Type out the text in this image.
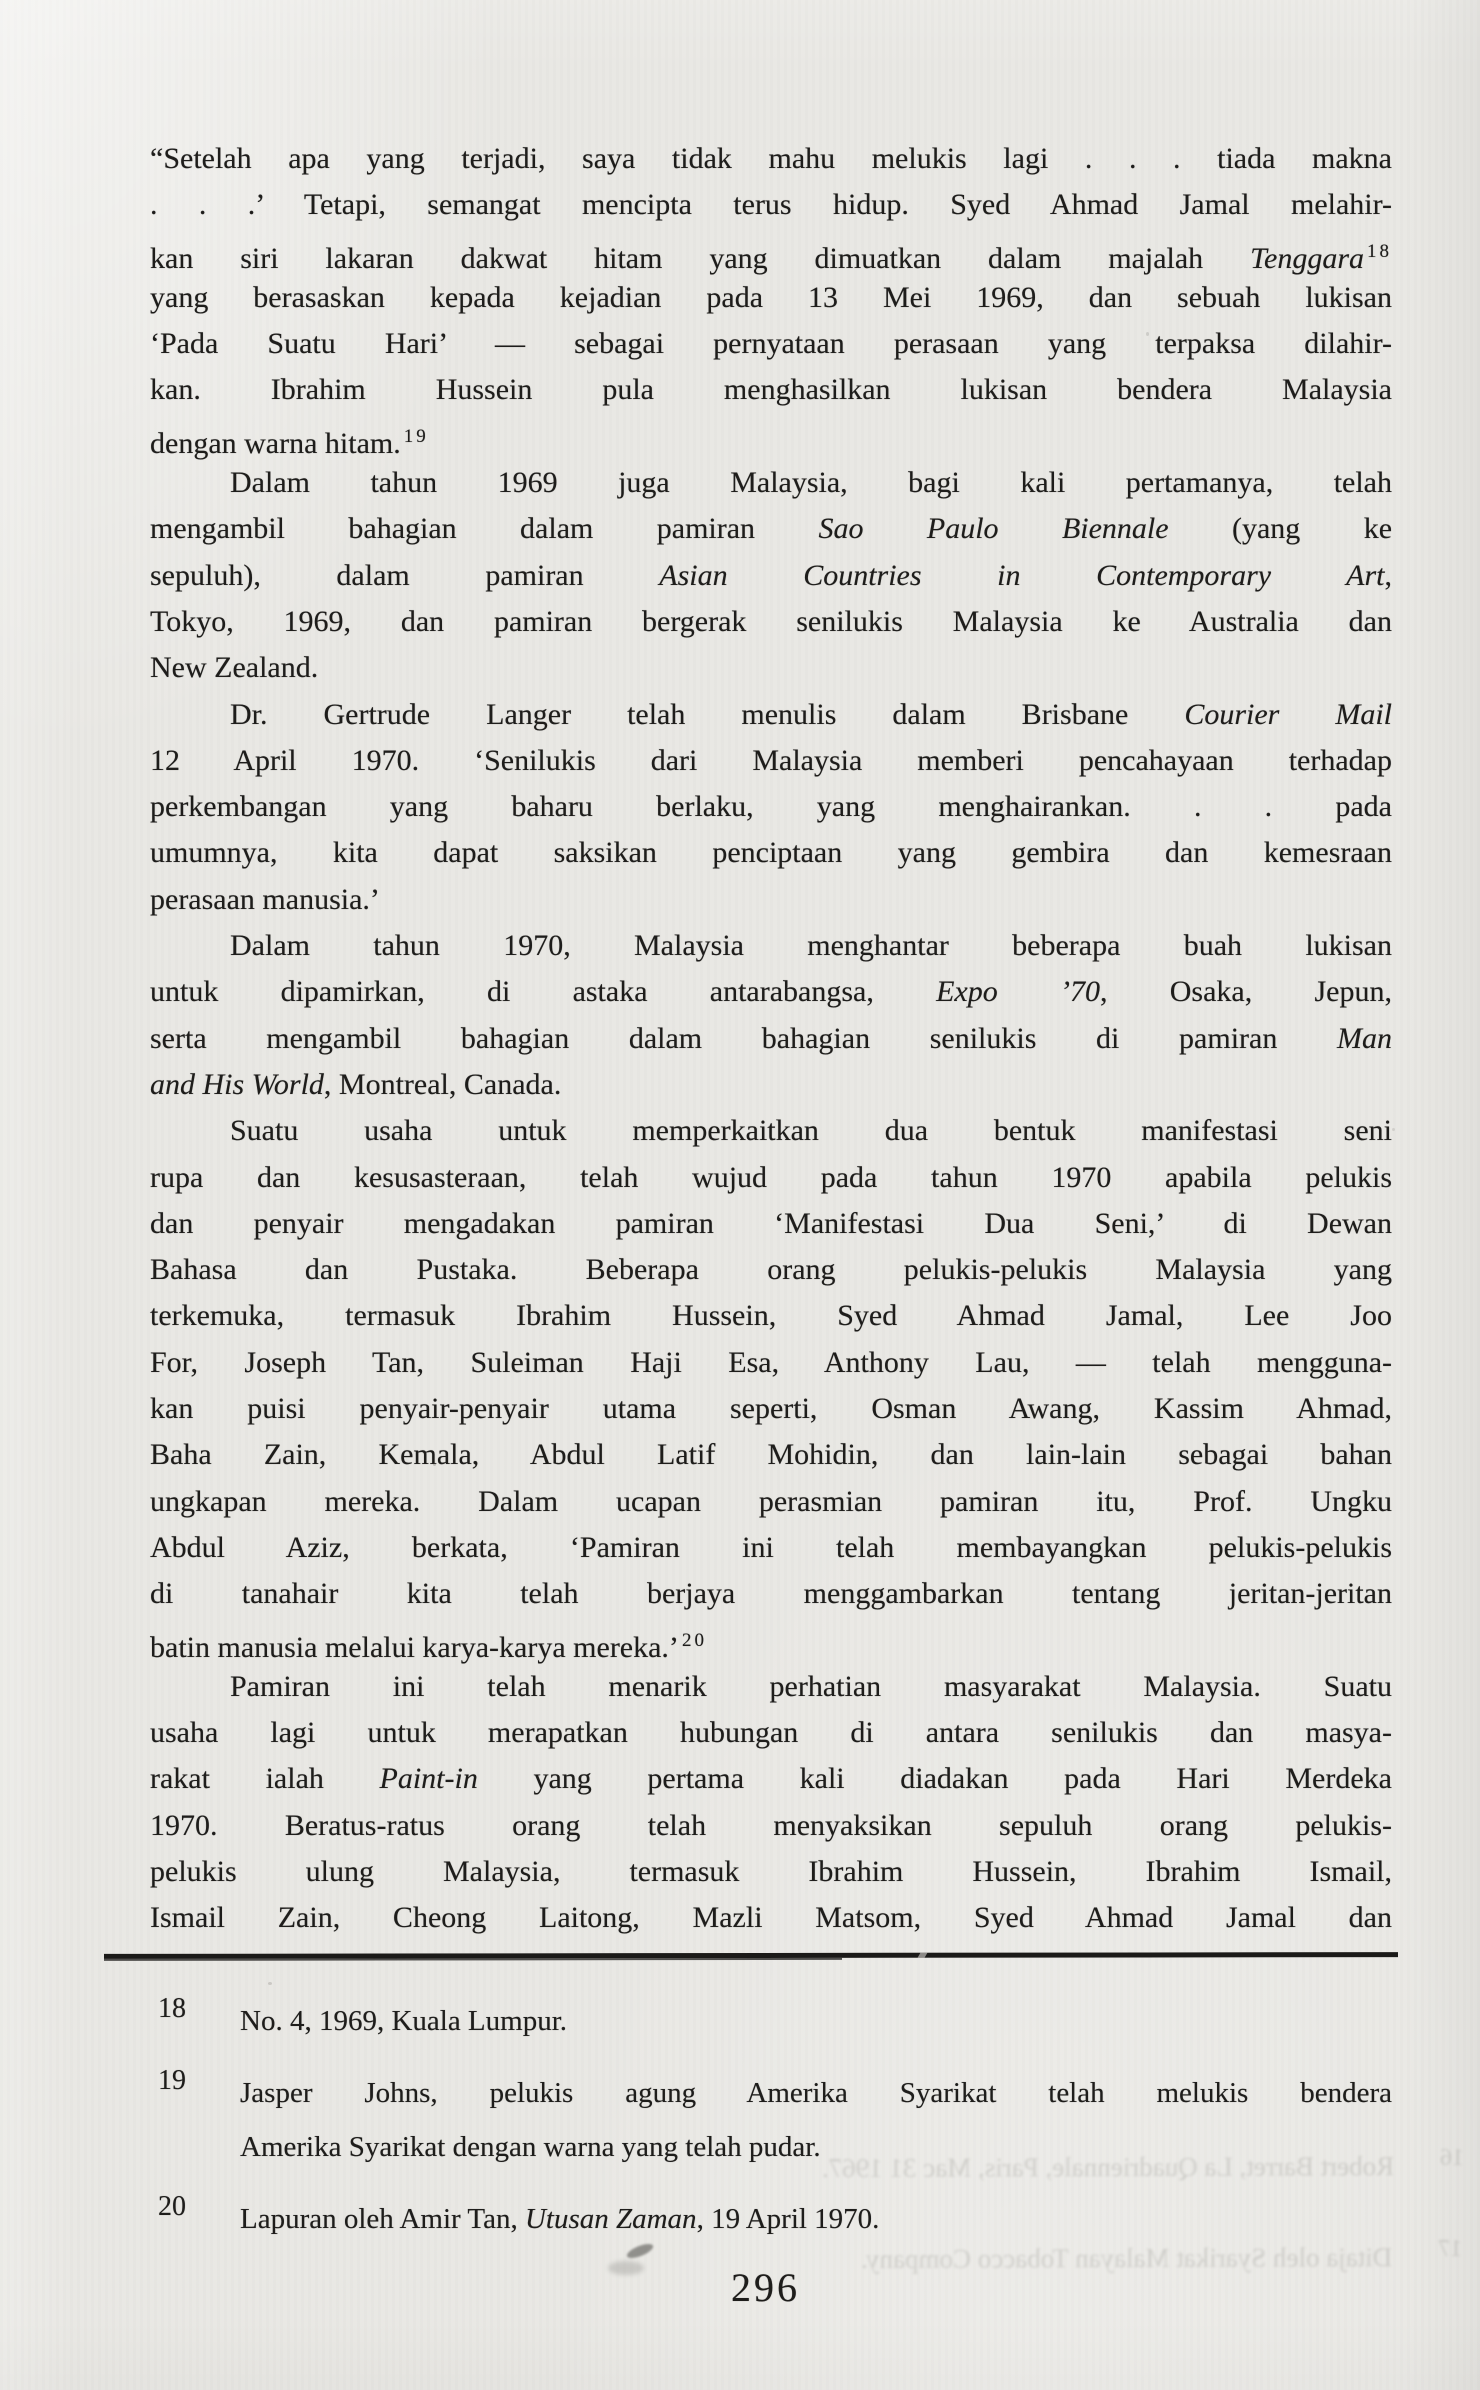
“Setelah apa yang terjadi, saya tidak mahu melukis lagi . . . tiada makna
. . .’ Tetapi, semangat mencipta terus hidup. Syed Ahmad Jamal melahir-
kan siri lakaran dakwat hitam yang dimuatkan dalam majalah Tenggara $^{18}$
yang berasaskan kepada kejadian pada 13 Mei 1969, dan sebuah lukisan
‘Pada Suatu Hari’ — sebagai pernyataan perasaan yang terpaksa dilahir-
kan. Ibrahim Hussein pula menghasilkan lukisan bendera Malaysia
dengan warna hitam. $^{19}$
Dalam tahun 1969 juga Malaysia, bagi kali pertamanya, telah
mengambil bahagian dalam pamiran Sao Paulo Biennale (yang ke
sepuluh), dalam pamiran Asian Countries in Contemporary Art,
Tokyo, 1969, dan pamiran bergerak senilukis Malaysia ke Australia dan
New Zealand.
Dr. Gertrude Langer telah menulis dalam Brisbane Courier Mail
12 April 1970. ‘Senilukis dari Malaysia memberi pencahayaan terhadap
perkembangan yang baharu berlaku, yang menghairankan. . . pada
umumnya, kita dapat saksikan penciptaan yang gembira dan kemesraan
perasaan manusia.’
Dalam tahun 1970, Malaysia menghantar beberapa buah lukisan
untuk dipamirkan, di astaka antarabangsa, Expo ’70, Osaka, Jepun,
serta mengambil bahagian dalam bahagian senilukis di pamiran Man
and His World, Montreal, Canada.
Suatu usaha untuk memperkaitkan dua bentuk manifestasi seni
rupa dan kesusasteraan, telah wujud pada tahun 1970 apabila pelukis
dan penyair mengadakan pamiran ‘Manifestasi Dua Seni,’ di Dewan
Bahasa dan Pustaka. Beberapa orang pelukis-pelukis Malaysia yang
terkemuka, termasuk Ibrahim Hussein, Syed Ahmad Jamal, Lee Joo
For, Joseph Tan, Suleiman Haji Esa, Anthony Lau, — telah mengguna-
kan puisi penyair-penyair utama seperti, Osman Awang, Kassim Ahmad,
Baha Zain, Kemala, Abdul Latif Mohidin, dan lain-lain sebagai bahan
ungkapan mereka. Dalam ucapan perasmian pamiran itu, Prof. Ungku
Abdul Aziz, berkata, ‘Pamiran ini telah membayangkan pelukis-pelukis
di tanahair kita telah berjaya menggambarkan tentang jeritan-jeritan
batin manusia melalui karya-karya mereka.’ $^{20}$
Pamiran ini telah menarik perhatian masyarakat Malaysia. Suatu
usaha lagi untuk merapatkan hubungan di antara senilukis dan masya-
rakat ialah Paint-in yang pertama kali diadakan pada Hari Merdeka
1970. Beratus-ratus orang telah menyaksikan sepuluh orang pelukis-
pelukis ulung Malaysia, termasuk Ibrahim Hussein, Ibrahim Ismail,
Ismail Zain, Cheong Laitong, Mazli Matsom, Syed Ahmad Jamal dan
18	No. 4, 1969, Kuala Lumpur.
19	Jasper Johns, pelukis agung Amerika Syarikat telah melukis bendera
Amerika Syarikat dengan warna yang telah pudar.
20	Lapuran oleh Amir Tan, Utusan Zaman, 19 April 1970.
16
Robert Barret, La Quadriennale, Paris, Mac 31 1967.
17
Ditaja oleh Syarikat Malayan Tobacco Company.
296
